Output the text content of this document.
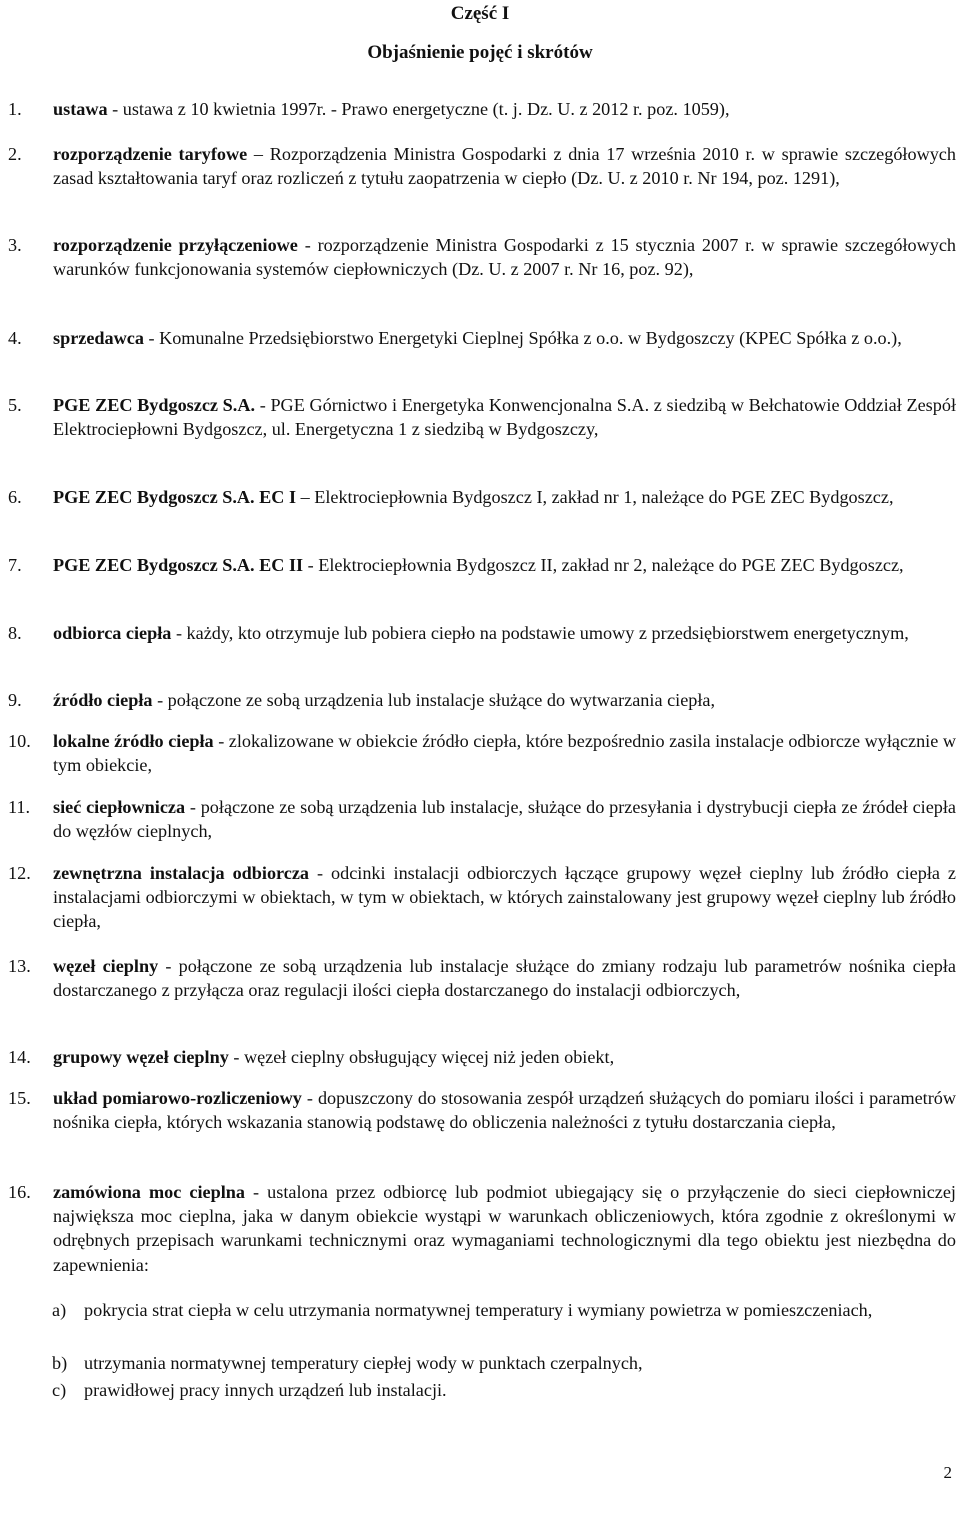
Część I
Objaśnienie pojęć i skrótów
1.	ustawa - ustawa z 10 kwietnia 1997r. - Prawo energetyczne (t. j. Dz. U. z 2012 r. poz. 1059),
2.	rozporządzenie taryfowe – Rozporządzenia Ministra Gospodarki z dnia 17 września 2010 r. w sprawie szczegółowych zasad kształtowania taryf oraz rozliczeń z tytułu zaopatrzenia w ciepło (Dz. U. z 2010 r. Nr 194, poz. 1291),
3.	rozporządzenie przyłączeniowe - rozporządzenie Ministra Gospodarki z 15 stycznia 2007 r. w sprawie szczegółowych warunków funkcjonowania systemów ciepłowniczych (Dz. U. z 2007 r. Nr 16, poz. 92),
4.	sprzedawca - Komunalne Przedsiębiorstwo Energetyki Cieplnej Spółka z o.o. w Bydgoszczy (KPEC Spółka z o.o.),
5.	PGE ZEC Bydgoszcz S.A. - PGE Górnictwo i Energetyka Konwencjonalna S.A. z siedzibą w Bełchatowie Oddział Zespół Elektrociepłowni Bydgoszcz, ul. Energetyczna 1 z siedzibą w Bydgoszczy,
6.	PGE ZEC Bydgoszcz S.A. EC I – Elektrociepłownia Bydgoszcz I, zakład nr 1, należące do PGE ZEC Bydgoszcz,
7.	PGE ZEC Bydgoszcz S.A. EC II - Elektrociepłownia Bydgoszcz II, zakład nr 2, należące do PGE ZEC Bydgoszcz,
8.	odbiorca ciepła - każdy, kto otrzymuje lub pobiera ciepło na podstawie umowy z przedsiębiorstwem energetycznym,
9.	źródło ciepła - połączone ze sobą urządzenia lub instalacje służące do wytwarzania ciepła,
10.	lokalne źródło ciepła - zlokalizowane w obiekcie źródło ciepła, które bezpośrednio zasila instalacje odbiorcze wyłącznie w tym obiekcie,
11.	sieć ciepłownicza - połączone ze sobą urządzenia lub instalacje, służące do przesyłania i dystrybucji ciepła ze źródeł ciepła do węzłów cieplnych,
12.	zewnętrzna instalacja odbiorcza - odcinki instalacji odbiorczych łączące grupowy węzeł cieplny lub źródło ciepła z instalacjami odbiorczymi w obiektach, w tym w obiektach, w których zainstalowany jest grupowy węzeł cieplny lub źródło ciepła,
13.	węzeł cieplny - połączone ze sobą urządzenia lub instalacje służące do zmiany rodzaju lub parametrów nośnika ciepła dostarczanego z przyłącza oraz regulacji ilości ciepła dostarczanego do instalacji odbiorczych,
14.	grupowy węzeł cieplny - węzeł cieplny obsługujący więcej niż jeden obiekt,
15.	układ pomiarowo-rozliczeniowy - dopuszczony do stosowania zespół urządzeń służących do pomiaru ilości i parametrów nośnika ciepła, których wskazania stanowią podstawę do obliczenia należności z tytułu dostarczania ciepła,
16.	zamówiona moc cieplna - ustalona przez odbiorcę lub podmiot ubiegający się o przyłączenie do sieci ciepłowniczej największa moc cieplna, jaka w danym obiekcie wystąpi w warunkach obliczeniowych, która zgodnie z określonymi w odrębnych przepisach warunkami technicznymi oraz wymaganiami technologicznymi dla tego obiektu jest niezbędna do zapewnienia:
a) pokrycia strat ciepła w celu utrzymania normatywnej temperatury i wymiany powietrza w pomieszczeniach,
b) utrzymania normatywnej temperatury ciepłej wody w punktach czerpalnych,
c) prawidłowej pracy innych urządzeń lub instalacji.
2
